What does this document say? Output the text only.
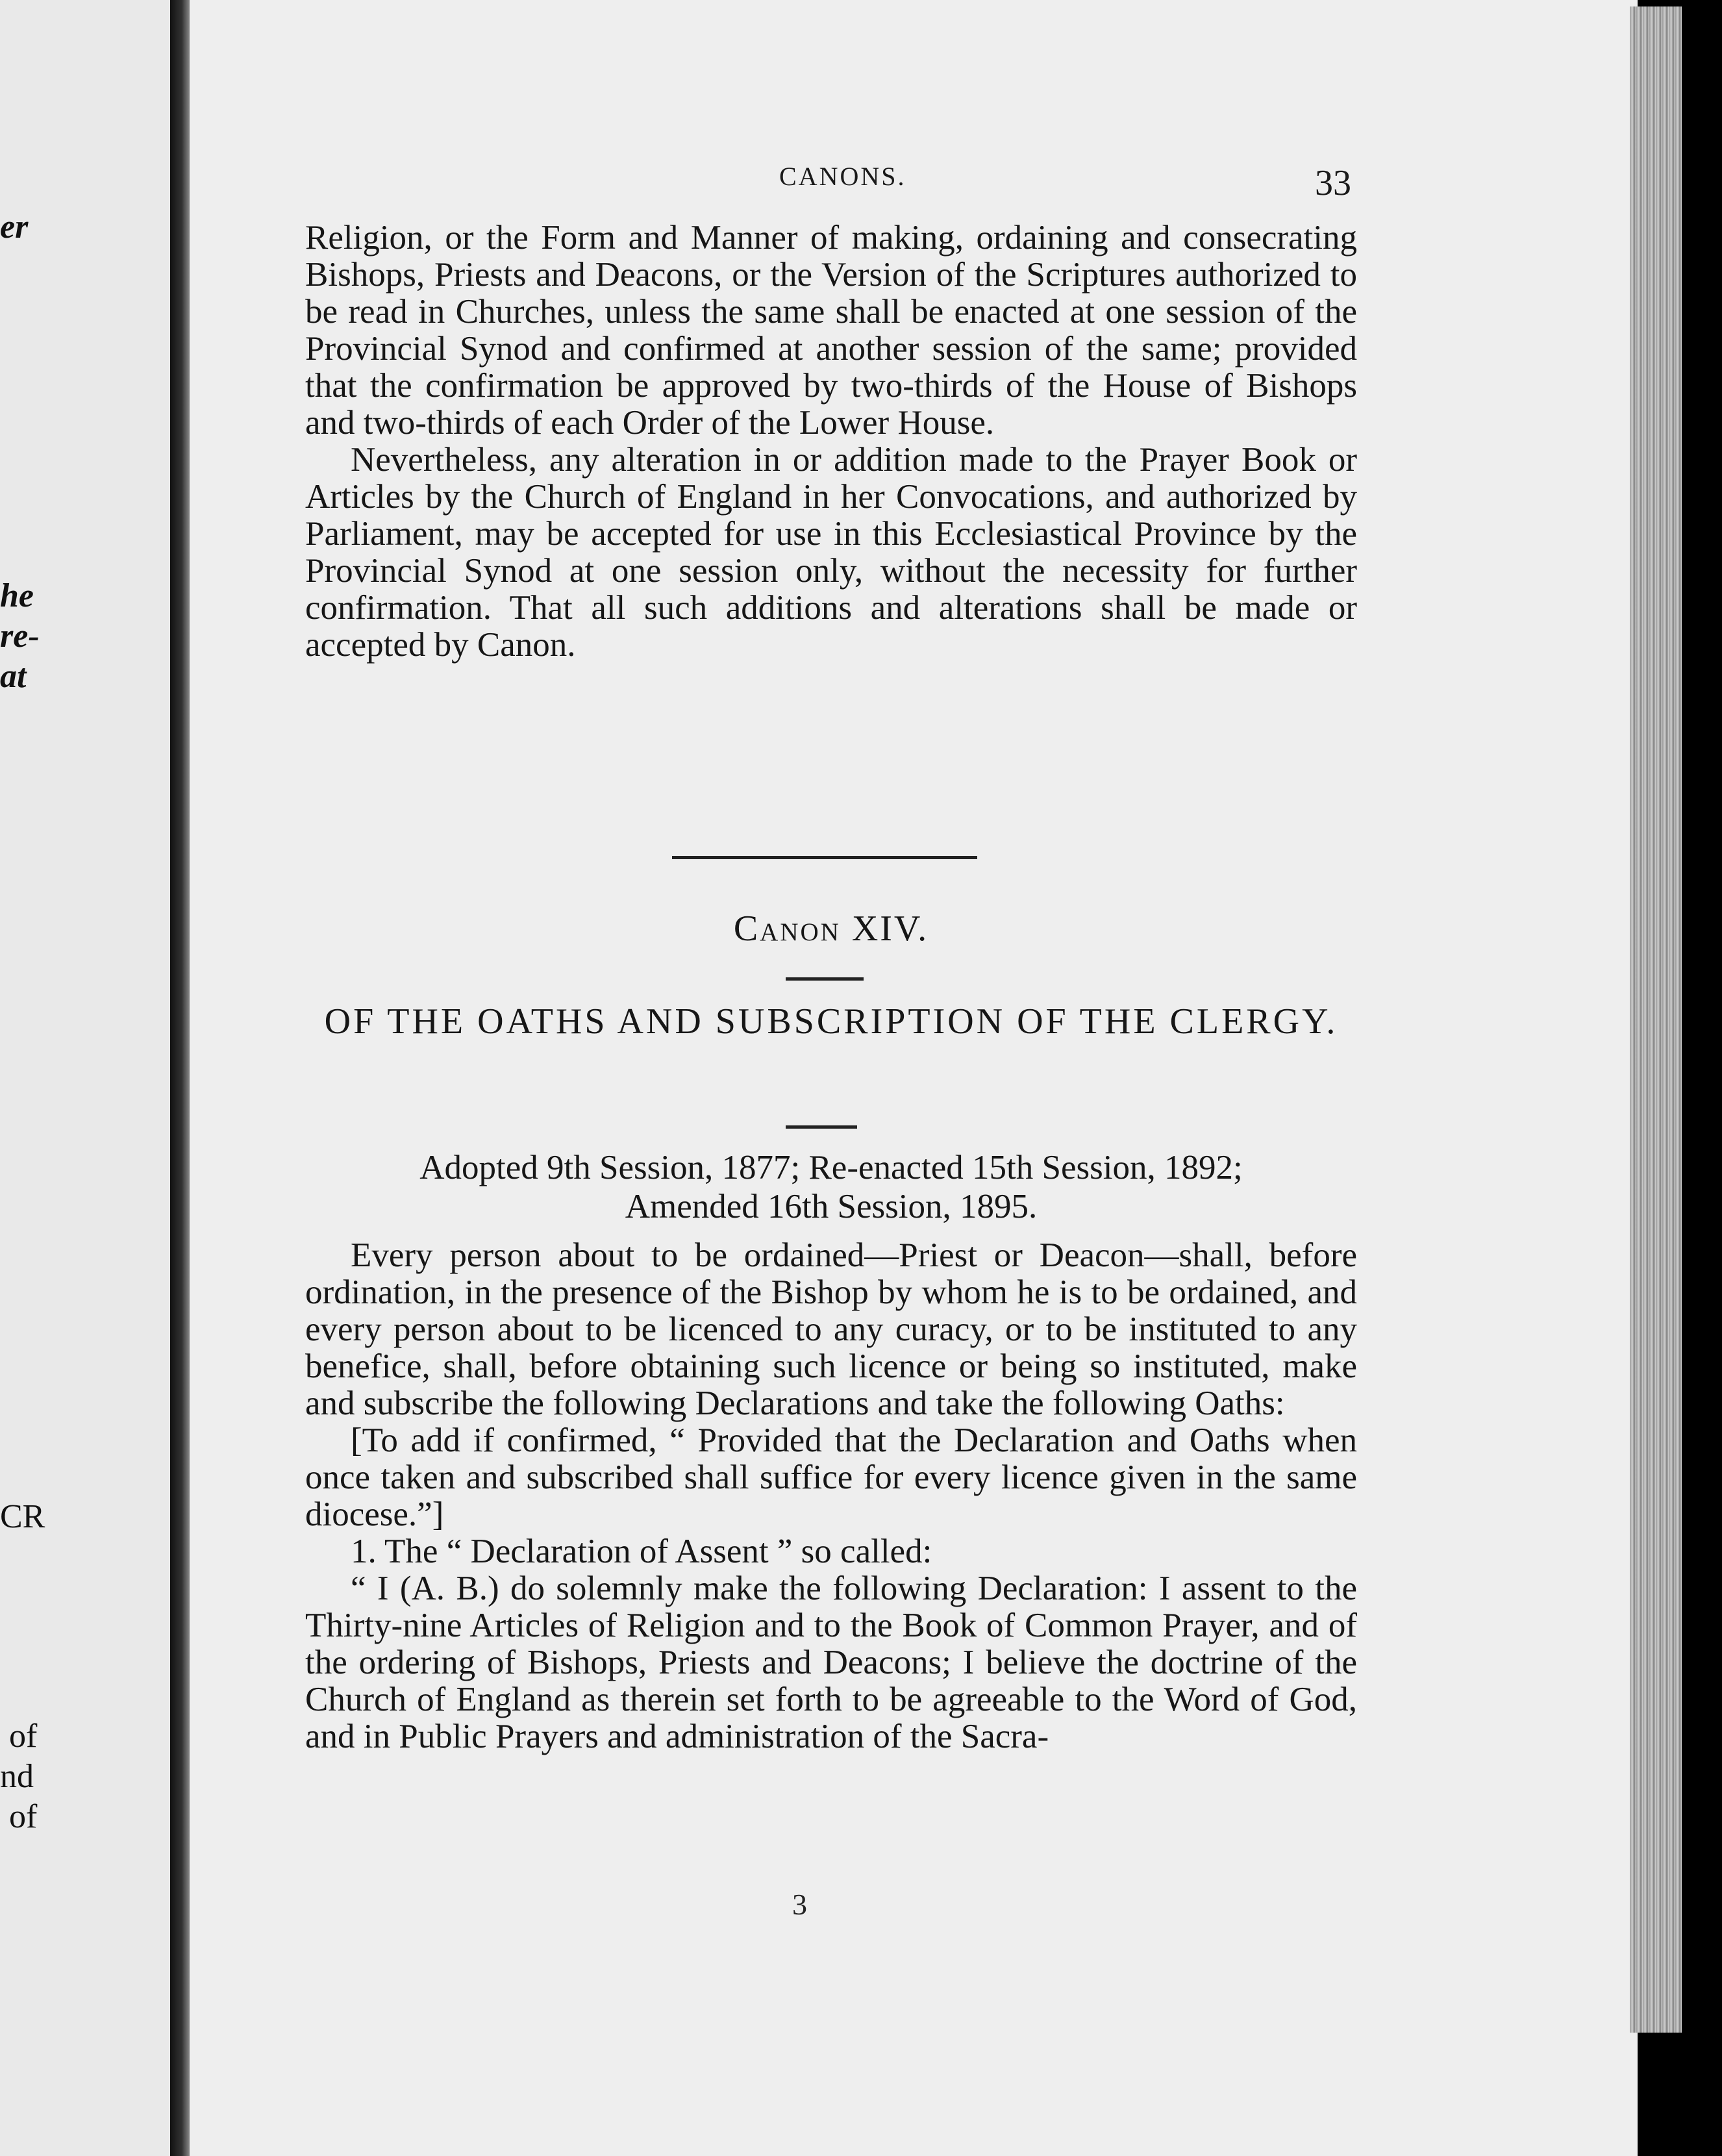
er
he
re-
at
CR
of
nd
of
CANONS.	33

Religion, or the Form and Manner of making, ordaining and consecrating Bishops, Priests and Deacons, or the Version of the Scriptures authorized to be read in Churches, unless the same shall be enacted at one session of the Provincial Synod and confirmed at another session of the same; provided that the confirmation be approved by two-thirds of the House of Bishops and two-thirds of each Order of the Lower House.

Nevertheless, any alteration in or addition made to the Prayer Book or Articles by the Church of England in her Convocations, and authorized by Parliament, may be accepted for use in this Ecclesiastical Province by the Provincial Synod at one session only, without the necessity for further confirmation. That all such additions and alterations shall be made or accepted by Canon.

Canon XIV.
OF THE OATHS AND SUBSCRIPTION OF THE CLERGY.
Adopted 9th Session, 1877; Re-enacted 15th Session, 1892;
Amended 16th Session, 1895.

Every person about to be ordained—Priest or Deacon—shall, before ordination, in the presence of the Bishop by whom he is to be ordained, and every person about to be licenced to any curacy, or to be instituted to any benefice, shall, before obtaining such licence or being so instituted, make and subscribe the following Declarations and take the following Oaths:

[To add if confirmed, “ Provided that the Declaration and Oaths when once taken and subscribed shall suffice for every licence given in the same diocese.”]

1. The “ Declaration of Assent ” so called:

“ I (A. B.) do solemnly make the following Declaration: I assent to the Thirty-nine Articles of Religion and to the Book of Common Prayer, and of the ordering of Bishops, Priests and Deacons; I believe the doctrine of the Church of England as therein set forth to be agreeable to the Word of God, and in Public Prayers and administration of the Sacra-

3
